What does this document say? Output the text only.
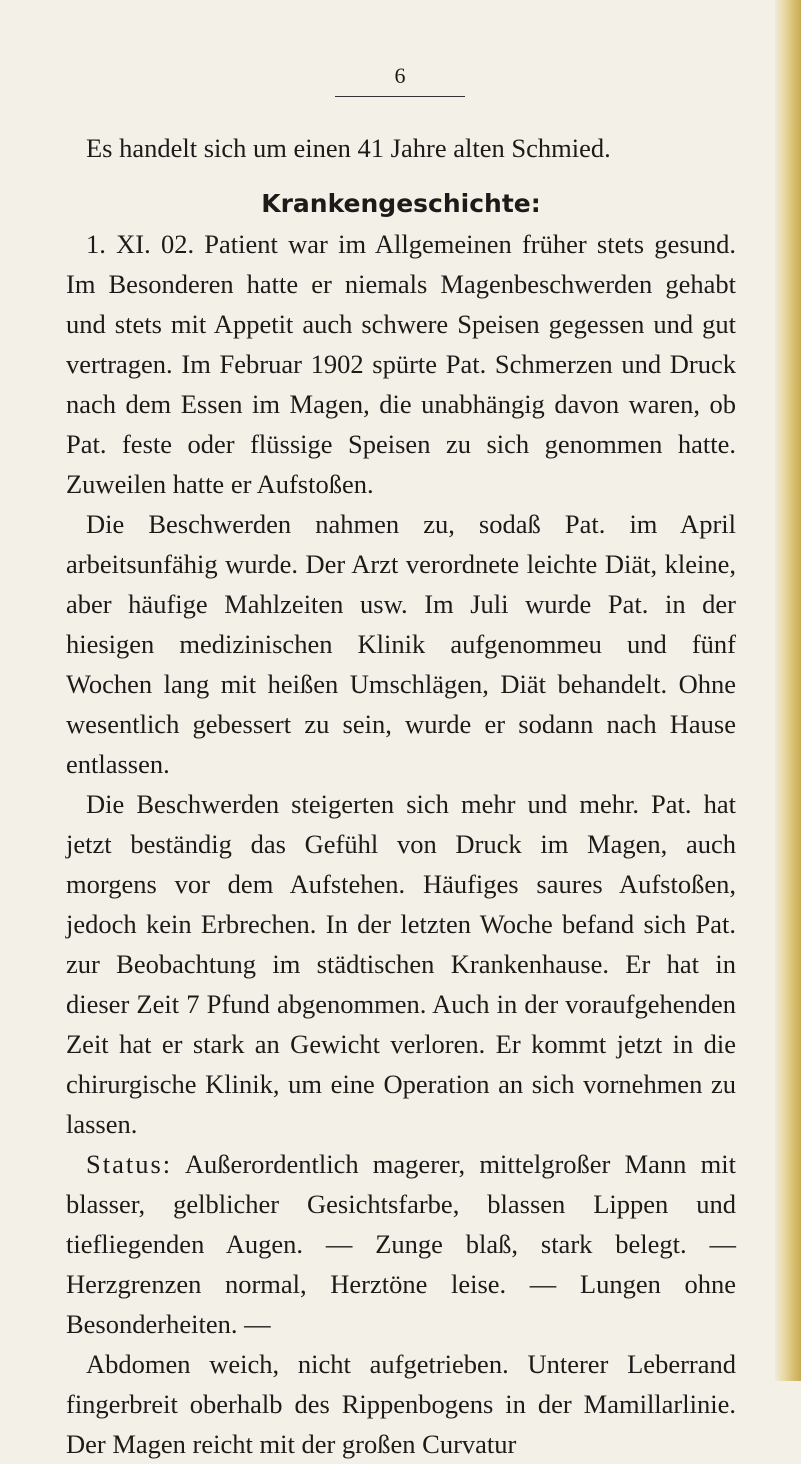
6

Es handelt sich um einen 41 Jahre alten Schmied.

Krankengeschichte:

1. XI. 02. Patient war im Allgemeinen früher stets gesund. Im Besonderen hatte er niemals Magenbeschwerden gehabt und stets mit Appetit auch schwere Speisen gegessen und gut vertragen. Im Februar 1902 spürte Pat. Schmerzen und Druck nach dem Essen im Magen, die unabhängig davon waren, ob Pat. feste oder flüssige Speisen zu sich genommen hatte. Zuweilen hatte er Aufstoßen.

Die Beschwerden nahmen zu, sodaß Pat. im April arbeitsunfähig wurde. Der Arzt verordnete leichte Diät, kleine, aber häufige Mahlzeiten usw. Im Juli wurde Pat. in der hiesigen medizinischen Klinik aufgenommeu und fünf Wochen lang mit heißen Umschlägen, Diät behandelt. Ohne wesentlich gebessert zu sein, wurde er sodann nach Hause entlassen.

Die Beschwerden steigerten sich mehr und mehr. Pat. hat jetzt beständig das Gefühl von Druck im Magen, auch morgens vor dem Aufstehen. Häufiges saures Aufstoßen, jedoch kein Erbrechen. In der letzten Woche befand sich Pat. zur Beobachtung im städtischen Krankenhause. Er hat in dieser Zeit 7 Pfund abgenommen. Auch in der voraufgehenden Zeit hat er stark an Gewicht verloren. Er kommt jetzt in die chirurgische Klinik, um eine Operation an sich vornehmen zu lassen.

Status: Außerordentlich magerer, mittelgroßer Mann mit blasser, gelblicher Gesichtsfarbe, blassen Lippen und tiefliegenden Augen. — Zunge blaß, stark belegt. — Herzgrenzen normal, Herztöne leise. — Lungen ohne Besonderheiten. —

Abdomen weich, nicht aufgetrieben. Unterer Leberrand fingerbreit oberhalb des Rippenbogens in der Mamillarlinie. Der Magen reicht mit der großen Curvatur
